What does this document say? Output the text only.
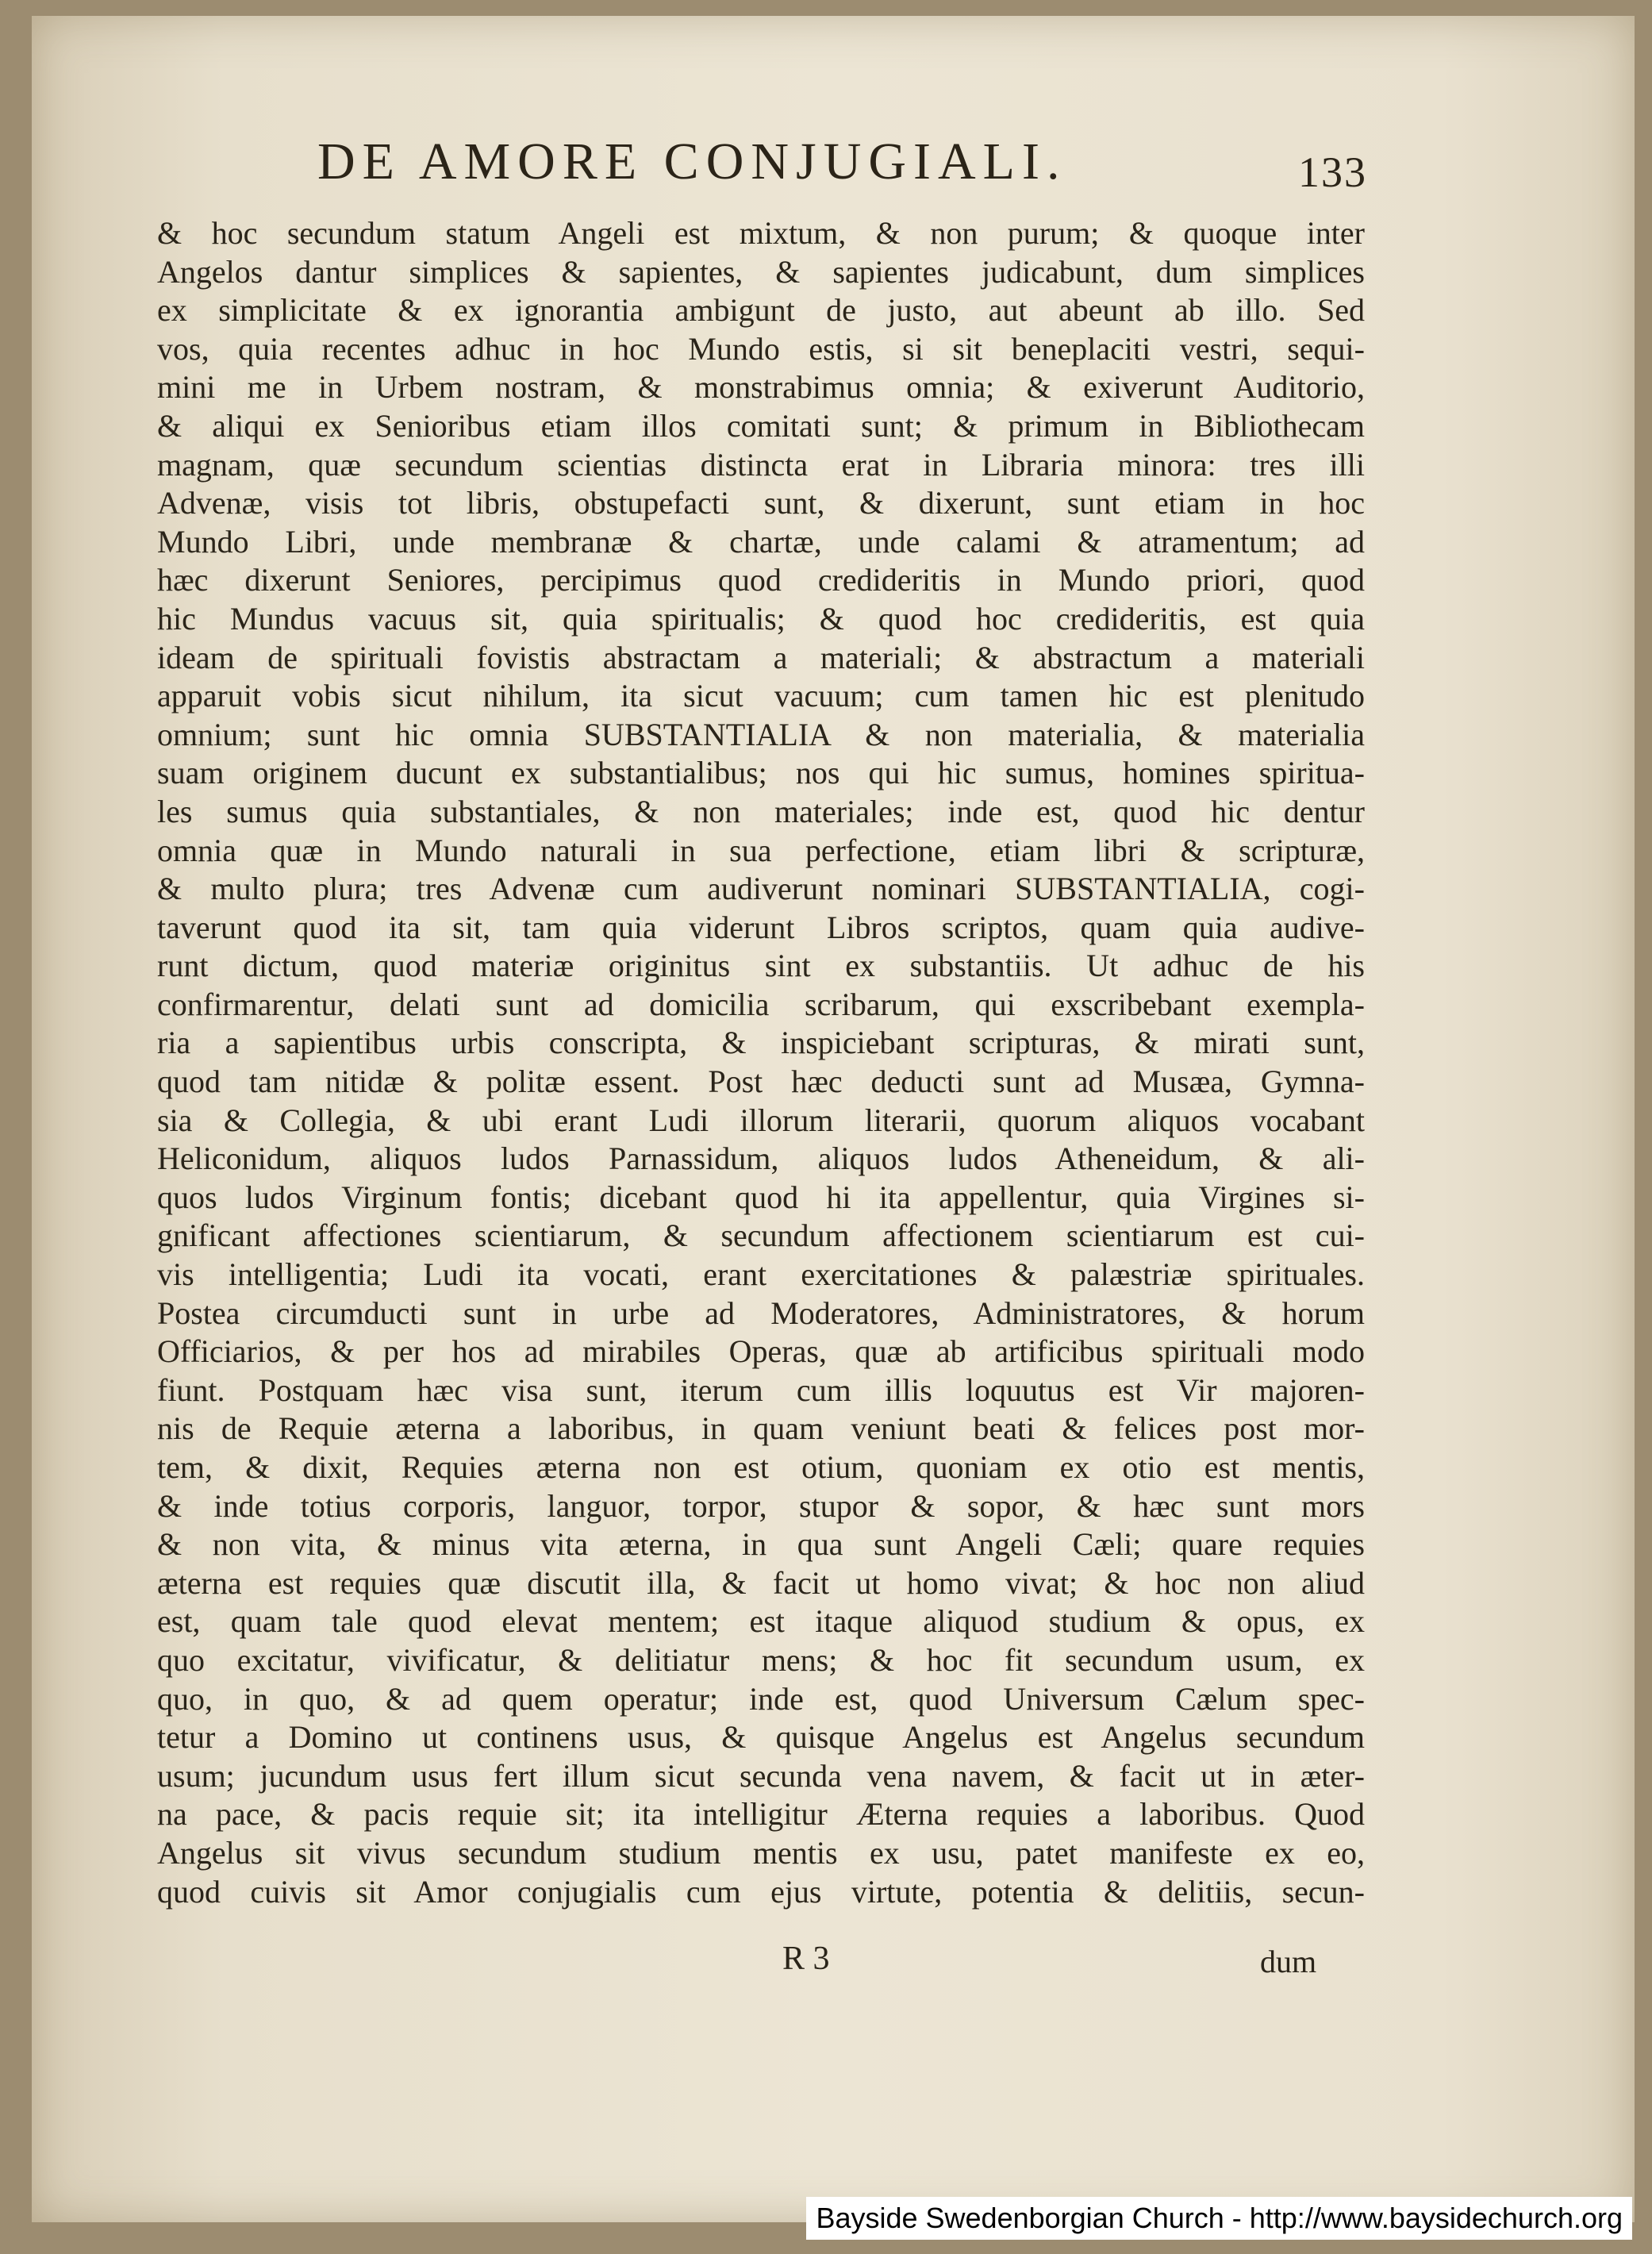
DE AMORE CONJUGIALI.	133
& hoc secundum statum Angeli est mixtum, & non purum; & quoque inter
Angelos dantur simplices & sapientes, & sapientes judicabunt, dum simplices
ex simplicitate & ex ignorantia ambigunt de justo, aut abeunt ab illo. Sed
vos, quia recentes adhuc in hoc Mundo estis, si sit beneplaciti vestri, sequi-
mini me in Urbem nostram, & monstrabimus omnia; & exiverunt Auditorio,
& aliqui ex Senioribus etiam illos comitati sunt; & primum in Bibliothecam
magnam, quæ secundum scientias distincta erat in Libraria minora: tres illi
Advenæ, visis tot libris, obstupefacti sunt, & dixerunt, sunt etiam in hoc
Mundo Libri, unde membranæ & chartæ, unde calami & atramentum; ad
hæc dixerunt Seniores, percipimus quod credideritis in Mundo priori, quod
hic Mundus vacuus sit, quia spiritualis; & quod hoc credideritis, est quia
ideam de spirituali fovistis abstractam a materiali; & abstractum a materiali
apparuit vobis sicut nihilum, ita sicut vacuum; cum tamen hic est plenitudo
omnium; sunt hic omnia SUBSTANTIALIA & non materialia, & materialia
suam originem ducunt ex substantialibus; nos qui hic sumus, homines spiritua-
les sumus quia substantiales, & non materiales; inde est, quod hic dentur
omnia quæ in Mundo naturali in sua perfectione, etiam libri & scripturæ,
& multo plura; tres Advenæ cum audiverunt nominari SUBSTANTIALIA, cogi-
taverunt quod ita sit, tam quia viderunt Libros scriptos, quam quia audive-
runt dictum, quod materiæ originitus sint ex substantiis. Ut adhuc de his
confirmarentur, delati sunt ad domicilia scribarum, qui exscribebant exempla-
ria a sapientibus urbis conscripta, & inspiciebant scripturas, & mirati sunt,
quod tam nitidæ & politæ essent. Post hæc deducti sunt ad Musæa, Gymna-
sia & Collegia, & ubi erant Ludi illorum literarii, quorum aliquos vocabant
Heliconidum, aliquos ludos Parnassidum, aliquos ludos Atheneidum, & ali-
quos ludos Virginum fontis; dicebant quod hi ita appellentur, quia Virgines si-
gnificant affectiones scientiarum, & secundum affectionem scientiarum est cui-
vis intelligentia; Ludi ita vocati, erant exercitationes & palæstriæ spirituales.
Postea circumducti sunt in urbe ad Moderatores, Administratores, & horum
Officiarios, & per hos ad mirabiles Operas, quæ ab artificibus spirituali modo
fiunt. Postquam hæc visa sunt, iterum cum illis loquutus est Vir majoren-
nis de Requie æterna a laboribus, in quam veniunt beati & felices post mor-
tem, & dixit, Requies æterna non est otium, quoniam ex otio est mentis,
& inde totius corporis, languor, torpor, stupor & sopor, & hæc sunt mors
& non vita, & minus vita æterna, in qua sunt Angeli Cæli; quare requies
æterna est requies quæ discutit illa, & facit ut homo vivat; & hoc non aliud
est, quam tale quod elevat mentem; est itaque aliquod studium & opus, ex
quo excitatur, vivificatur, & delitiatur mens; & hoc fit secundum usum, ex
quo, in quo, & ad quem operatur; inde est, quod Universum Cælum spec-
tetur a Domino ut continens usus, & quisque Angelus est Angelus secundum
usum; jucundum usus fert illum sicut secunda vena navem, & facit ut in æter-
na pace, & pacis requie sit; ita intelligitur Æterna requies a laboribus. Quod
Angelus sit vivus secundum studium mentis ex usu, patet manifeste ex eo,
quod cuivis sit Amor conjugialis cum ejus virtute, potentia & delitiis, secun-
R 3	dum
Bayside Swedenborgian Church - http://www.baysidechurch.org
